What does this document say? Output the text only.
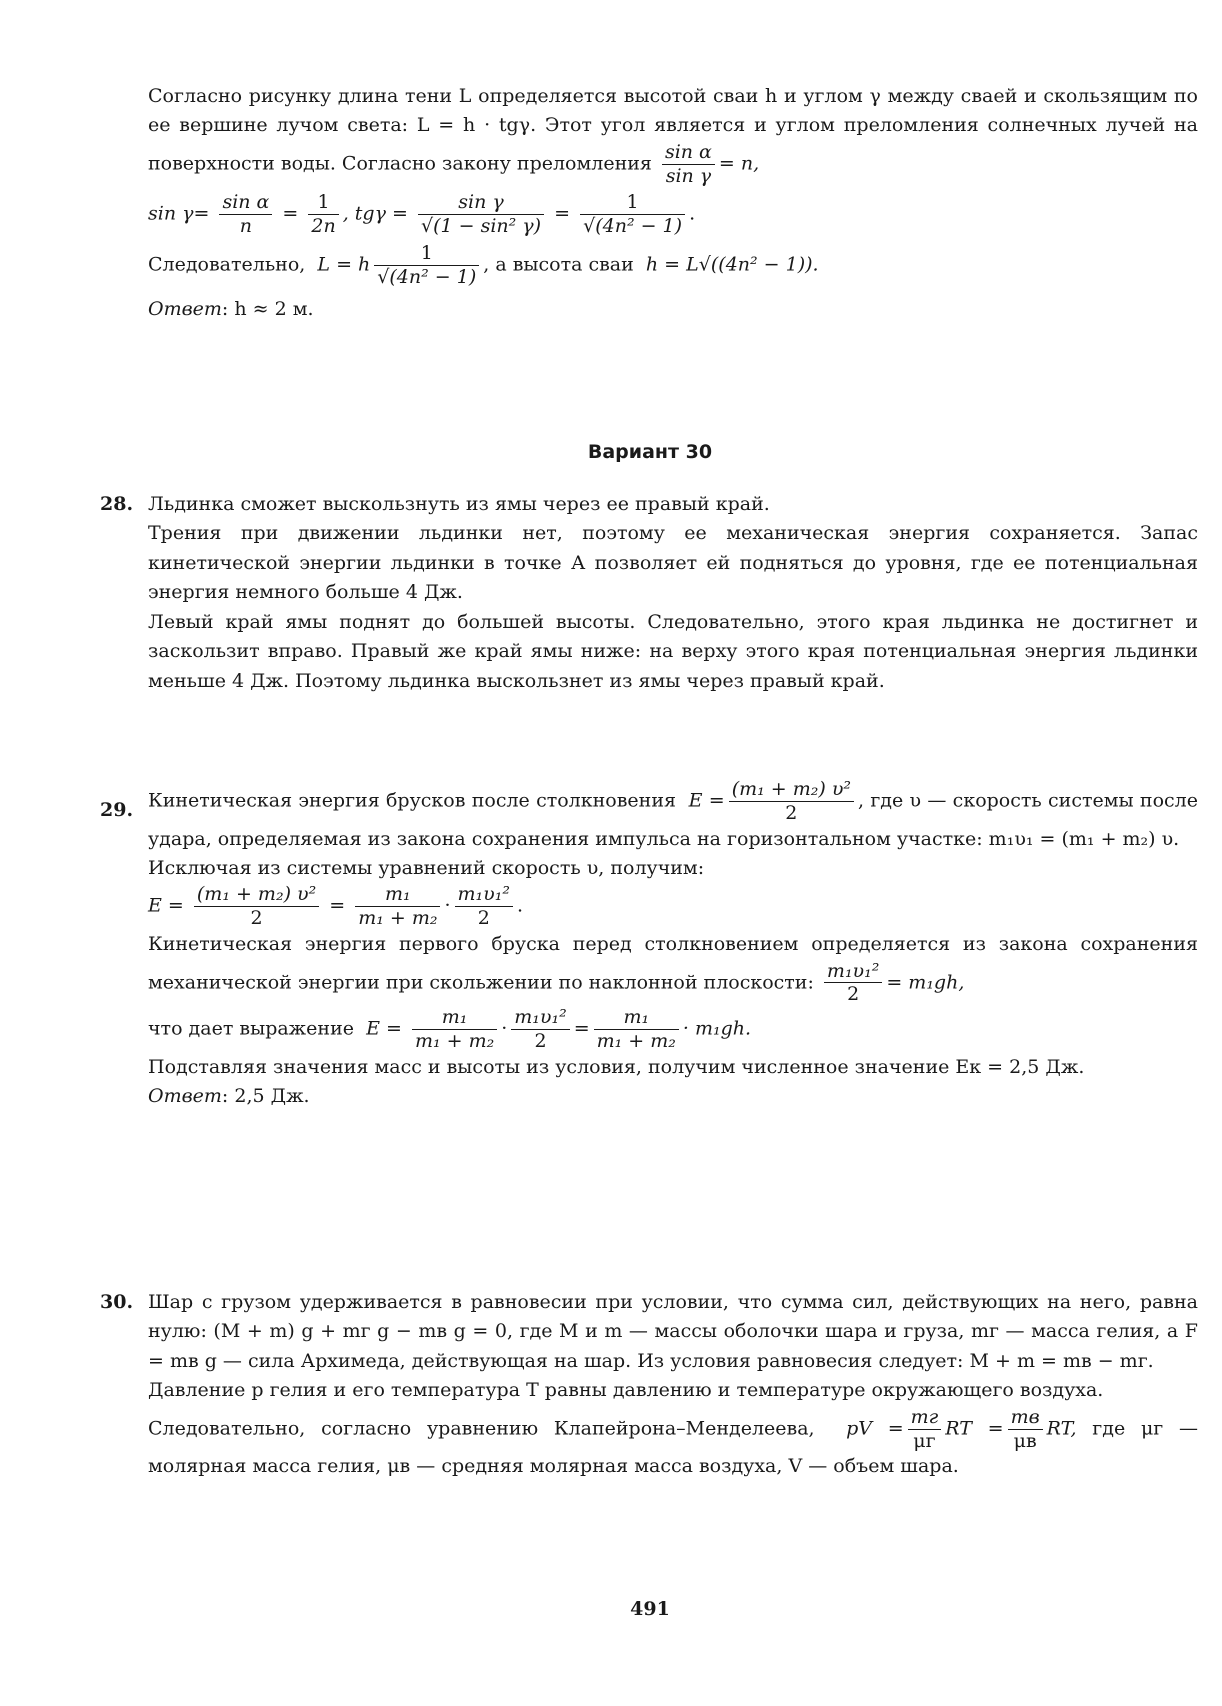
Согласно рисунку длина тени L определяется высотой сваи h и углом γ между сваей и скользящим по ее вершине лучом света: L = h · tgγ. Этот угол является и углом преломления солнечных лучей на поверхности воды. Согласно закону преломления $\frac{\text{sin α}}{\text{sin γ}} = n$,

$\sin \gamma= \frac{\text{sin α}}{n} = \frac{1}{2n}$ , $tg\gamma = \frac{\text{sin γ}}{\text{√(1 − sin² γ)}} = \frac{1}{\text{√(4n² − 1)}}$ .

Следовательно, L = h $\frac{1}{\text{√(4n² − 1)}}$ , а высота сваи h = L√((4n² − 1)).

Ответ: h ≈ 2 м.

Вариант 30
28. Льдинка сможет выскользнуть из ямы через ее правый край.

Трения при движении льдинки нет, поэтому ее механическая энергия сохраняется. Запас кинетической энергии льдинки в точке А позволяет ей подняться до уровня, где ее потенциальная энергия немного больше 4 Дж.

Левый край ямы поднят до большей высоты. Следовательно, этого края льдинка не достигнет и заскользит вправо. Правый же край ямы ниже: на верху этого края потенциальная энергия льдинки меньше 4 Дж. Поэтому льдинка выскользнет из ямы через правый край.

29. Кинетическая энергия брусков после столкновения $E = \frac{\text{(m₁ + m₂) υ²}}{2}$ , где υ — скорость системы после удара, определяемая из закона сохранения импульса на горизонтальном участке: m₁υ₁ = (m₁ + m₂) υ.

Исключая из системы уравнений скорость υ, получим:

$E = \frac{\text{(m₁ + m₂) υ²}}{2} = \frac{\text{m₁}}{\text{m₁ + m₂}} \cdot \frac{\text{m₁υ₁²}}{2}$ .

Кинетическая энергия первого бруска перед столкновением определяется из закона сохранения механической энергии при скольжении по наклонной плоскости: $\frac{\text{m₁υ₁²}}{2} = m_1gh$,

что дает выражение $E = \frac{\text{m₁}}{\text{m₁ + m₂}} \cdot \frac{\text{m₁υ₁²}}{2} = \frac{\text{m₁}}{\text{m₁ + m₂}} \cdot m_1gh$.

Подставляя значения масс и высоты из условия, получим численное значение Eк = 2,5 Дж.

Ответ: 2,5 Дж.

30. Шар с грузом удерживается в равновесии при условии, что сумма сил, действующих на него, равна нулю: (M + m) g + mг g − mв g = 0, где M и m — массы оболочки шара и груза, mг — масса гелия, а F = mв g — сила Архимеда, действующая на шар. Из условия равновесия следует: M + m = mв − mг.

Давление p гелия и его температура T равны давлению и температуре окружающего воздуха.

Следовательно, согласно уравнению Клапейрона–Менделеева, pV = $\frac{mг}{\mu г}$ RT = $\frac{mв}{\mu в}$ RT, где μг — молярная масса гелия, μв — средняя молярная масса воздуха, V — объем шара.

491
